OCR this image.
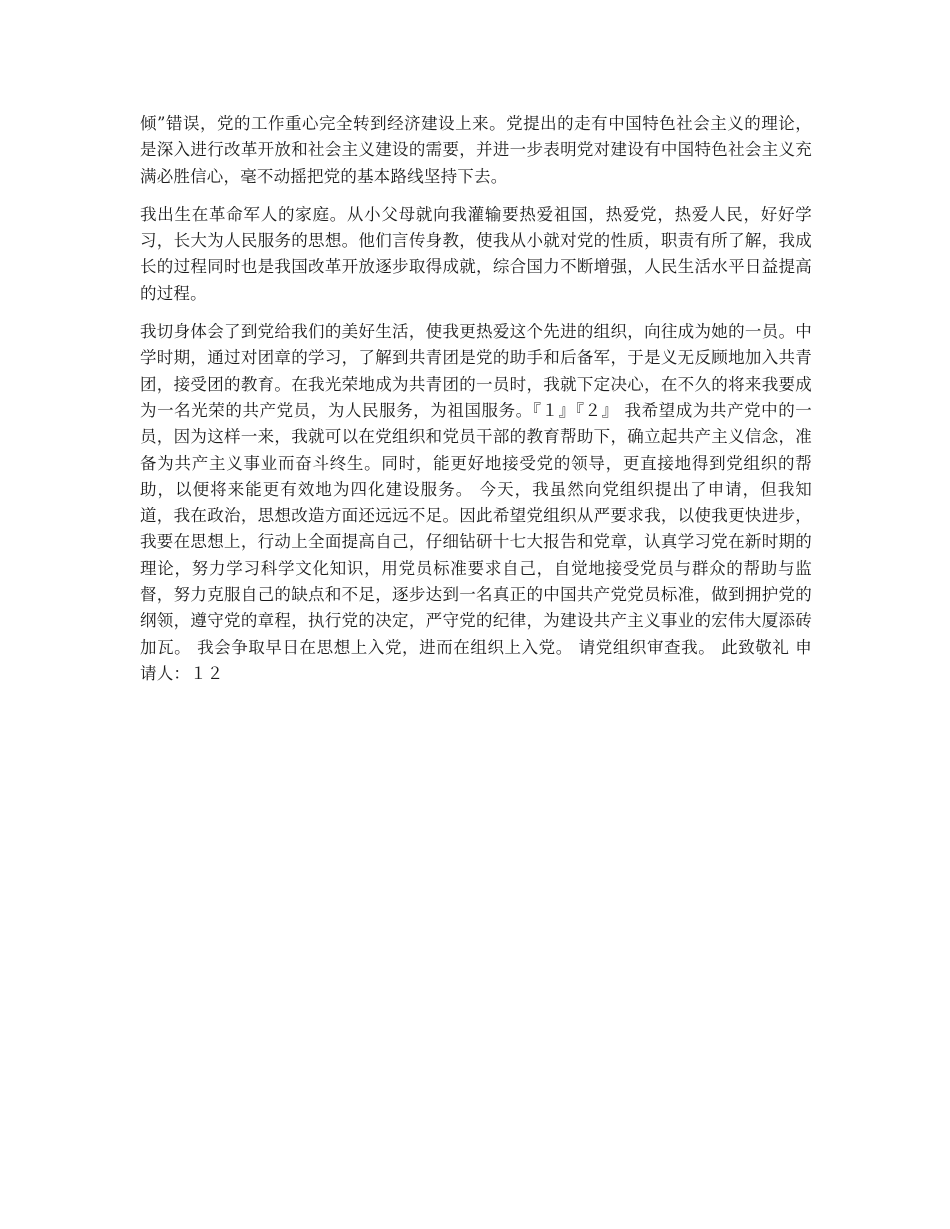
倾”错误，党的工作重心完全转到经济建设上来。党提出的走有中国特色社会主义的理论，是深入进行改革开放和社会主义建设的需要，并进一步表明党对建设有中国特色社会主义充满必胜信心，毫不动摇把党的基本路线坚持下去。

我出生在革命军人的家庭。从小父母就向我灌输要热爱祖国，热爱党，热爱人民，好好学习，长大为人民服务的思想。他们言传身教，使我从小就对党的性质，职责有所了解，我成长的过程同时也是我国改革开放逐步取得成就，综合国力不断增强，人民生活水平日益提高的过程。

我切身体会了到党给我们的美好生活，使我更热爱这个先进的组织，向往成为她的一员。中学时期，通过对团章的学习，了解到共青团是党的助手和后备军，于是义无反顾地加入共青团，接受团的教育。在我光荣地成为共青团的一员时，我就下定决心，在不久的将来我要成为一名光荣的共产党员，为人民服务，为祖国服务。『１』『２』 我希望成为共产党中的一员，因为这样一来，我就可以在党组织和党员干部的教育帮助下，确立起共产主义信念，准备为共产主义事业而奋斗终生。同时，能更好地接受党的领导，更直接地得到党组织的帮助，以便将来能更有效地为四化建设服务。 今天，我虽然向党组织提出了申请，但我知道，我在政治，思想改造方面还远远不足。因此希望党组织从严要求我，以使我更快进步，我要在思想上，行动上全面提高自己，仔细钻研十七大报告和党章，认真学习党在新时期的理论，努力学习科学文化知识，用党员标准要求自己，自觉地接受党员与群众的帮助与监督，努力克服自己的缺点和不足，逐步达到一名真正的中国共产党党员标准，做到拥护党的纲领，遵守党的章程，执行党的决定，严守党的纪律，为建设共产主义事业的宏伟大厦添砖加瓦。 我会争取早日在思想上入党，进而在组织上入党。 请党组织审查我。 此致敬礼 申请人：１２
